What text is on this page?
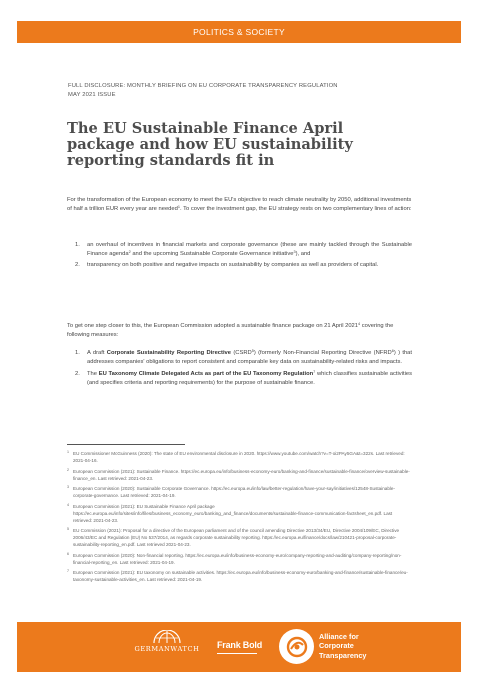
POLITICS & SOCIETY
FULL DISCLOSURE: MONTHLY BRIEFING ON EU CORPORATE TRANSPARENCY REGULATION
MAY 2021 ISSUE
The EU Sustainable Finance April package and how EU sustainability reporting standards fit in

For the transformation of the European economy to meet the EU's objective to reach climate neutrality by 2050, additional investments of half a trillion EUR every year are needed$^1$. To cover the investment gap, the EU strategy rests on two complementary lines of action:

1.	an overhaul of incentives in financial markets and corporate governance (these are mainly tackled through the Sustainable Finance agenda$^2$ and the upcoming Sustainable Corporate Governance initiative$^3$), and
2.	transparency on both positive and negative impacts on sustainability by companies as well as providers of capital.

To get one step closer to this, the European Commission adopted a sustainable finance package on 21 April 2021$^4$ covering the following measures:

1.	A draft Corporate Sustainability Reporting Directive (CSRD$^5$) (formerly Non-Financial Reporting Directive (NFRD$^6$) ) that addresses companies' obligations to report consistent and comparable key data on sustainability-related risks and impacts.
2.	The EU Taxonomy Climate Delegated Acts as part of the EU Taxonomy Regulation$^7$ which classifies sustainable activities (and specifies criteria and reporting requirements) for the purpose of sustainable finance.
1 EU Commissioner McGuinness (2020): The state of EU environmental disclosure in 2020. https://www.youtube.com/watch?v=T-oi2PAy5GA&t=322s. Last retrieved: 2021-04-16.
2 European Commission (2021): Sustainable Finance. https://ec.europa.eu/info/business-economy-euro/banking-and-finance/sustainable-finance/overview-sustainable-finance_en. Last retrieved: 2021-04-23.
3 European Commission (2020): Sustainable Corporate Governance. https://ec.europa.eu/info/law/better-regulation/have-your-say/initiatives/12548-Sustainable-corporate-governance. Last retrieved: 2021-04-19.
4 European Commission (2021): EU Sustainable Finance April package https://ec.europa.eu/info/sites/info/files/business_economy_euro/banking_and_finance/documents/sustainable-finance-communication-factsheet_en.pdf. Last retrieved: 2021-04-23.
5 EU Commission (2021): Proposal for a directive of the European parliament and of the council amending Directive 2013/34/EU, Directive 2004/109/EC, Directive 2006/43/EC and Regulation (EU) No 537/2014, as regards corporate sustainability reporting. https://ec.europa.eu/finance/docs/law/210421-proposal-corporate-sustainability-reporting_en.pdf. Last retrieved 2021-04-23.
6 European Commission (2020): Non-financial reporting. https://ec.europa.eu/info/business-economy-euro/company-reporting-and-auditing/company-reporting/non-financial-reporting_en. Last retrieved: 2021-04-19.
7 European Commission (2021): EU taxonomy on sustainable activities. https://ec.europa.eu/info/business-economy-euro/banking-and-finance/sustainable-finance/eu-taxonomy-sustainable-activities_en. Last retrieved: 2021-04-19.
GERMANWATCH Frank Bold
Alliance for
Corporate
Transparency
